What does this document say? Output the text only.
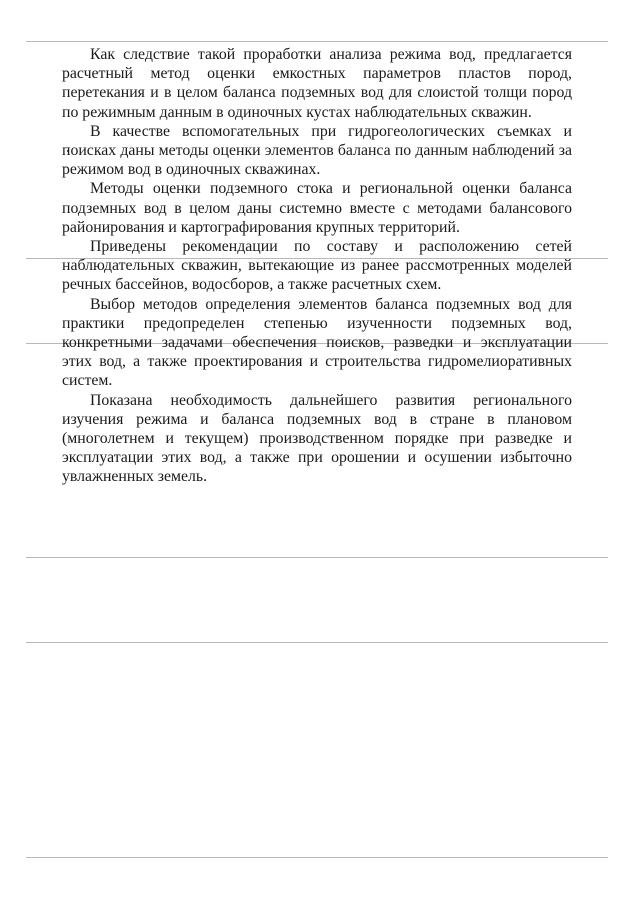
Как следствие такой проработки анализа режима вод, предлагается расчетный метод оценки емкостных параметров пластов пород, перетекания и в целом баланса подземных вод для слоистой толщи пород по режимным данным в одиночных кустах наблюдательных скважин.

В качестве вспомогательных при гидрогеологических съемках и поисках даны методы оценки элементов баланса по данным наблюдений за режимом вод в одиночных скважинах.

Методы оценки подземного стока и региональной оценки баланса подземных вод в целом даны системно вместе с методами балансового районирования и картографирования крупных территорий.

Приведены рекомендации по составу и расположению сетей наблюдательных скважин, вытекающие из ранее рассмотренных моделей речных бассейнов, водосборов, а также расчетных схем.

Выбор методов определения элементов баланса подземных вод для практики предопределен степенью изученности подземных вод, конкретными задачами обеспечения поисков, разведки и эксплуатации этих вод, а также проектирования и строительства гидромелиоративных систем.

Показана необходимость дальнейшего развития регионального изучения режима и баланса подземных вод в стране в плановом (многолетнем и текущем) производственном порядке при разведке и эксплуатации этих вод, а также при орошении и осушении избыточно увлажненных земель.
